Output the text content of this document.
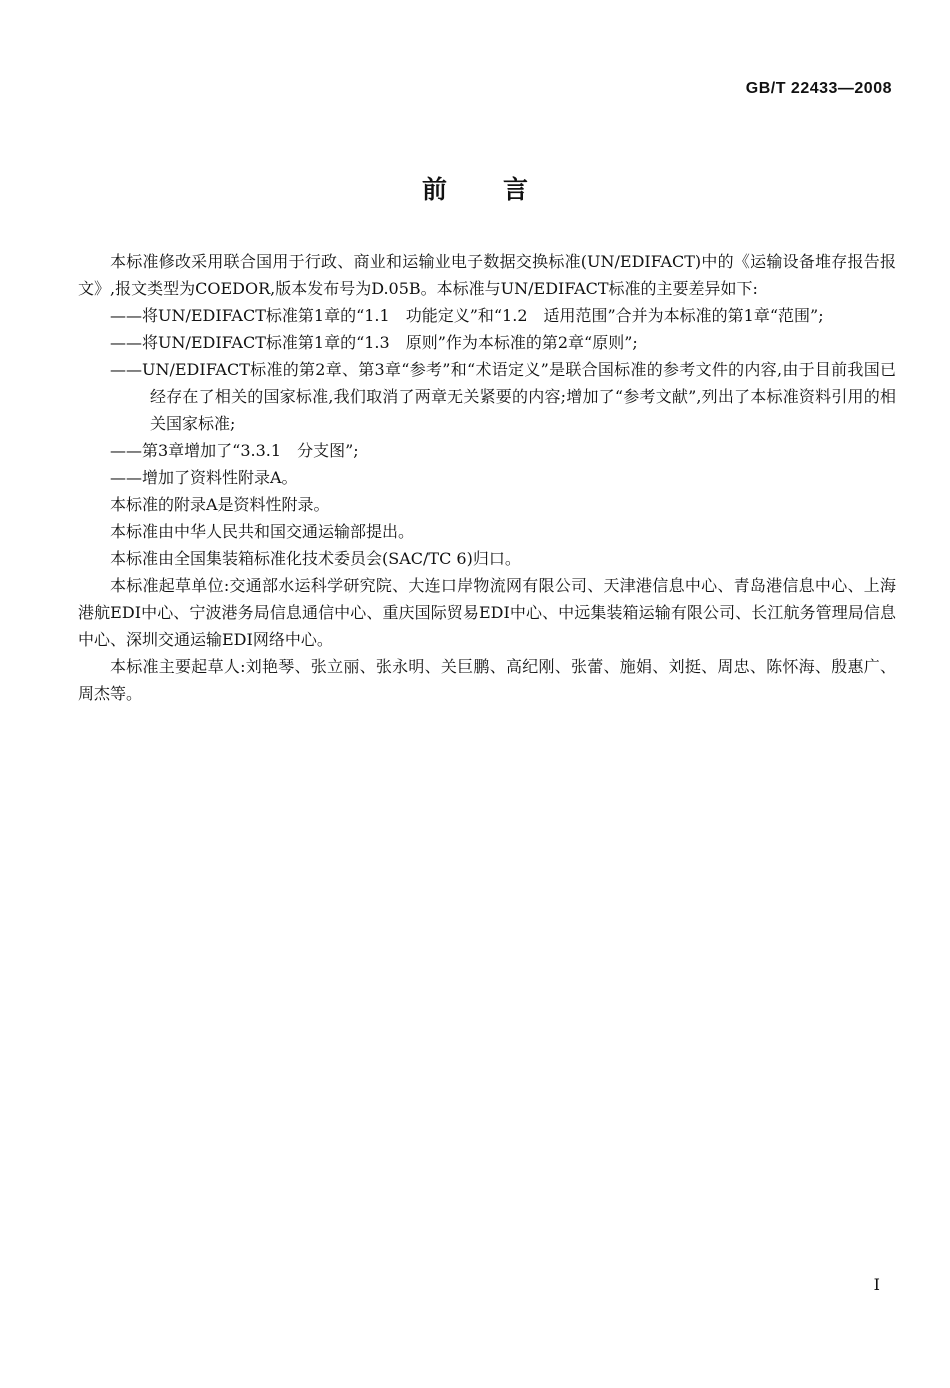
GB/T 22433—2008
前言

本标准修改采用联合国用于行政、商业和运输业电子数据交换标准(UN/EDIFACT)中的《运输设备堆存报告报文》,报文类型为COEDOR,版本发布号为D.05B。本标准与UN/EDIFACT标准的主要差异如下:

——将UN/EDIFACT标准第1章的“1.1　功能定义”和“1.2　适用范围”合并为本标准的第1章“范围”;

——将UN/EDIFACT标准第1章的“1.3　原则”作为本标准的第2章“原则”;

——UN/EDIFACT标准的第2章、第3章“参考”和“术语定义”是联合国标准的参考文件的内容,由于目前我国已经存在了相关的国家标准,我们取消了两章无关紧要的内容;增加了“参考文献”,列出了本标准资料引用的相关国家标准;

——第3章增加了“3.3.1　分支图”;

——增加了资料性附录A。

本标准的附录A是资料性附录。

本标准由中华人民共和国交通运输部提出。

本标准由全国集装箱标准化技术委员会(SAC/TC 6)归口。

本标准起草单位:交通部水运科学研究院、大连口岸物流网有限公司、天津港信息中心、青岛港信息中心、上海港航EDI中心、宁波港务局信息通信中心、重庆国际贸易EDI中心、中远集装箱运输有限公司、长江航务管理局信息中心、深圳交通运输EDI网络中心。

本标准主要起草人:刘艳琴、张立丽、张永明、关巨鹏、高纪刚、张蕾、施娟、刘挺、周忠、陈怀海、殷惠广、周杰等。

I
